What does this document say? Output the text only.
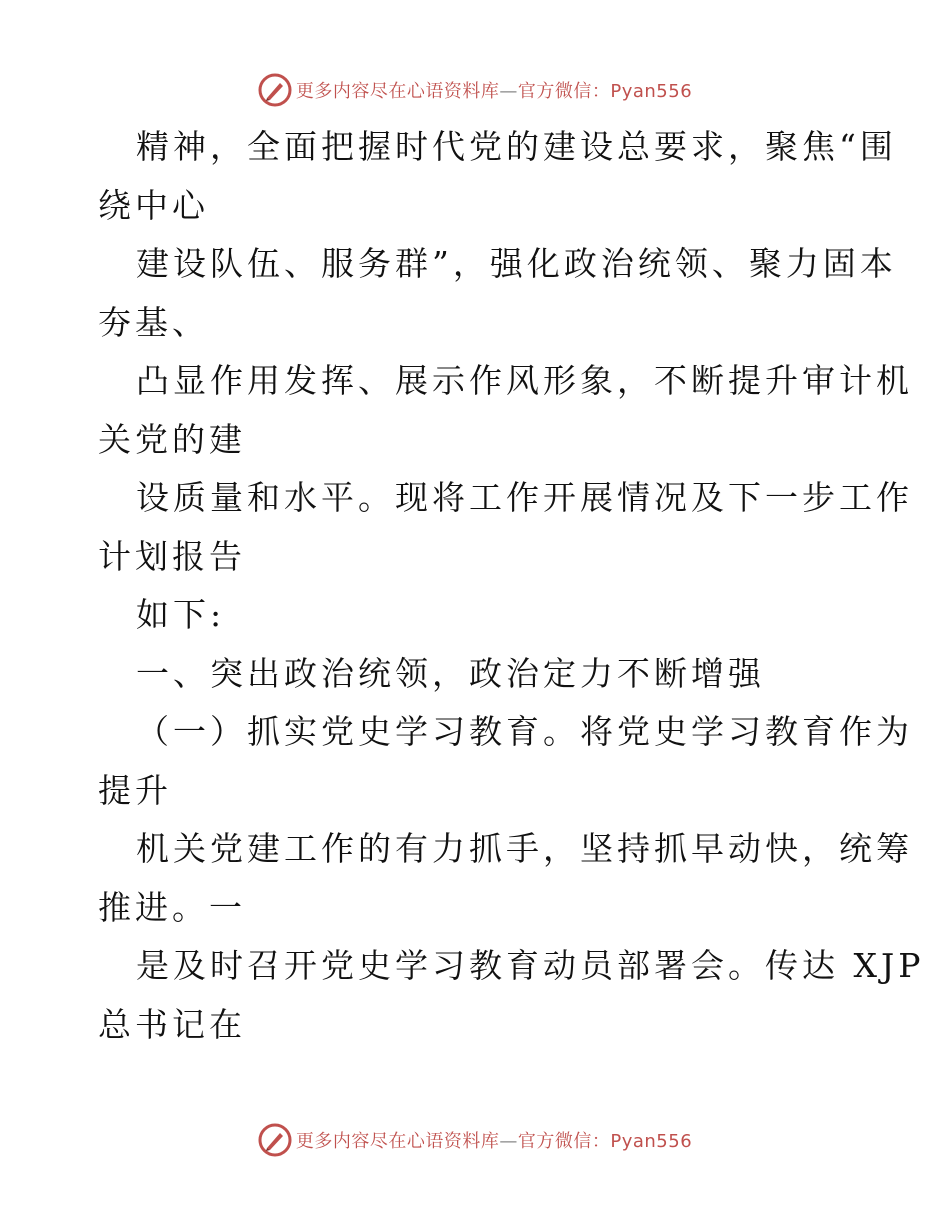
更多内容尽在心语资料库—官方微信：Pyan556
精神，全面把握时代党的建设总要求，聚焦“围
绕中心
建设队伍、服务群”，强化政治统领、聚力固本
夯基、
凸显作用发挥、展示作风形象，不断提升审计机
关党的建
设质量和水平。现将工作开展情况及下一步工作
计划报告
如下:
一、突出政治统领，政治定力不断增强
（一）抓实党史学习教育。将党史学习教育作为
提升
机关党建工作的有力抓手，坚持抓早动快，统筹
推进。一
是及时召开党史学习教育动员部署会。传达 XJP
总书记在
更多内容尽在心语资料库—官方微信：Pyan556
